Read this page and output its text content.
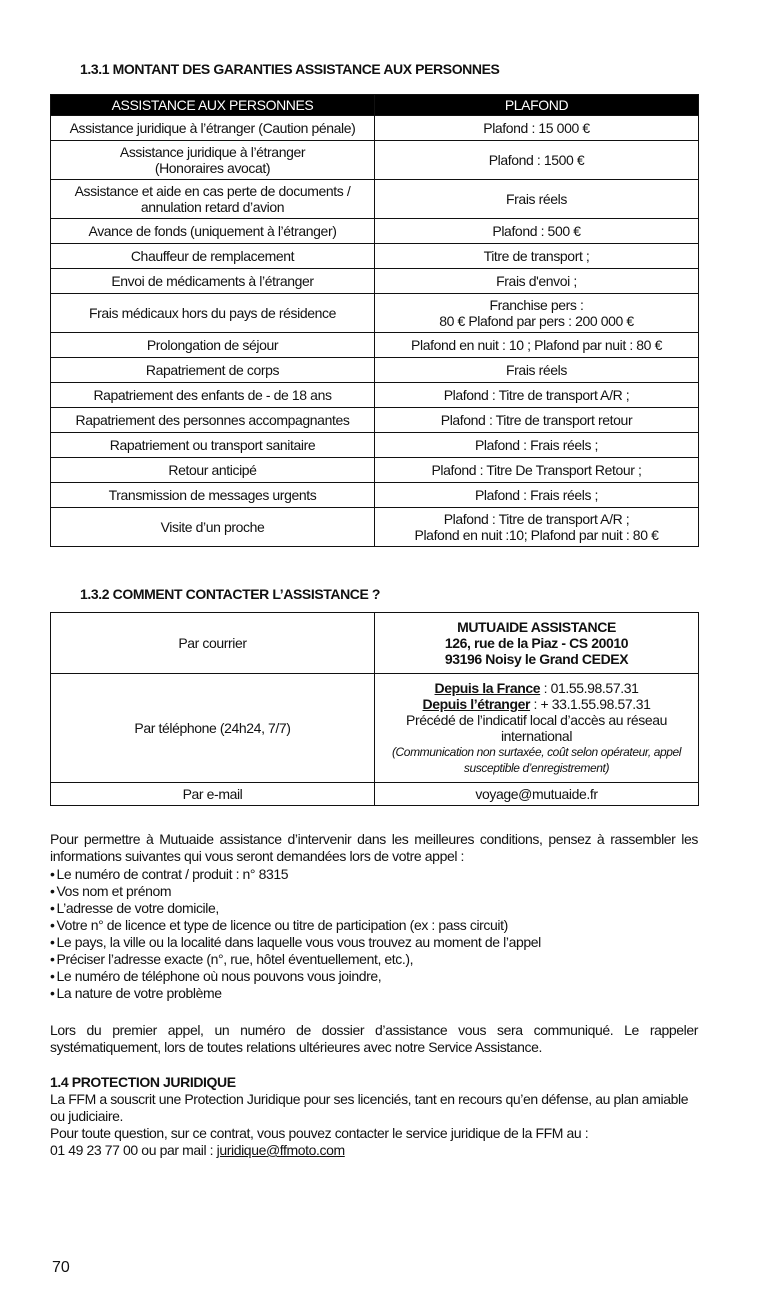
1.3.1 MONTANT DES GARANTIES ASSISTANCE AUX PERSONNES
ASSISTANCE AUX PERSONNES	PLAFOND

Assistance juridique à l’étranger (Caution pénale)	Plafond : 15 000 €

Assistance juridique à l’étranger
(Honoraires avocat)	Plafond : 1500 €

Assistance et aide en cas perte de documents /
annulation retard d’avion	Frais réels

Avance de fonds (uniquement à l’étranger)	Plafond : 500 €

Chauffeur de remplacement	Titre de transport ;

Envoi de médicaments à l’étranger	Frais d'envoi ;

Frais médicaux hors du pays de résidence	Franchise pers :
80 € Plafond par pers : 200 000 €

Prolongation de séjour	Plafond en nuit : 10 ; Plafond par nuit : 80 €

Rapatriement de corps	Frais réels

Rapatriement des enfants de - de 18 ans	Plafond : Titre de transport A/R ;

Rapatriement des personnes accompagnantes	Plafond : Titre de transport retour

Rapatriement ou transport sanitaire	Plafond : Frais réels ;

Retour anticipé	Plafond : Titre De Transport Retour ;

Transmission de messages urgents	Plafond : Frais réels ;

Visite d’un proche	Plafond : Titre de transport A/R ;
Plafond en nuit :10; Plafond par nuit : 80 €
1.3.2 COMMENT CONTACTER L’ASSISTANCE ?
Par courrier	MUTUAIDE ASSISTANCE
126, rue de la Piaz - CS 20010
93196 Noisy le Grand CEDEX

Par téléphone (24h24, 7/7)	Depuis la France : 01.55.98.57.31
Depuis l’étranger : + 33.1.55.98.57.31
Précédé de l’indicatif local d’accès au réseau international
(Communication non surtaxée, coût selon opérateur, appel susceptible d’enregistrement)

Par e-mail	voyage@mutuaide.fr
Pour permettre à Mutuaide assistance d’intervenir dans les meilleures conditions, pensez à rassembler les informations suivantes qui vous seront demandées lors de votre appel :
• Le numéro de contrat / produit : n° 8315
• Vos nom et prénom
• L’adresse de votre domicile,
• Votre n° de licence et type de licence ou titre de participation (ex : pass circuit)
• Le pays, la ville ou la localité dans laquelle vous vous trouvez au moment de l’appel
• Préciser l’adresse exacte (n°, rue, hôtel éventuellement, etc.),
• Le numéro de téléphone où nous pouvons vous joindre,
• La nature de votre problème
Lors du premier appel, un numéro de dossier d’assistance vous sera communiqué. Le rappeler systématiquement, lors de toutes relations ultérieures avec notre Service Assistance.
1.4 PROTECTION JURIDIQUE
La FFM a souscrit une Protection Juridique pour ses licenciés, tant en recours qu’en défense, au plan amiable ou judiciaire.
Pour toute question, sur ce contrat, vous pouvez contacter le service juridique de la FFM au :
01 49 23 77 00 ou par mail : juridique@ffmoto.com
70
